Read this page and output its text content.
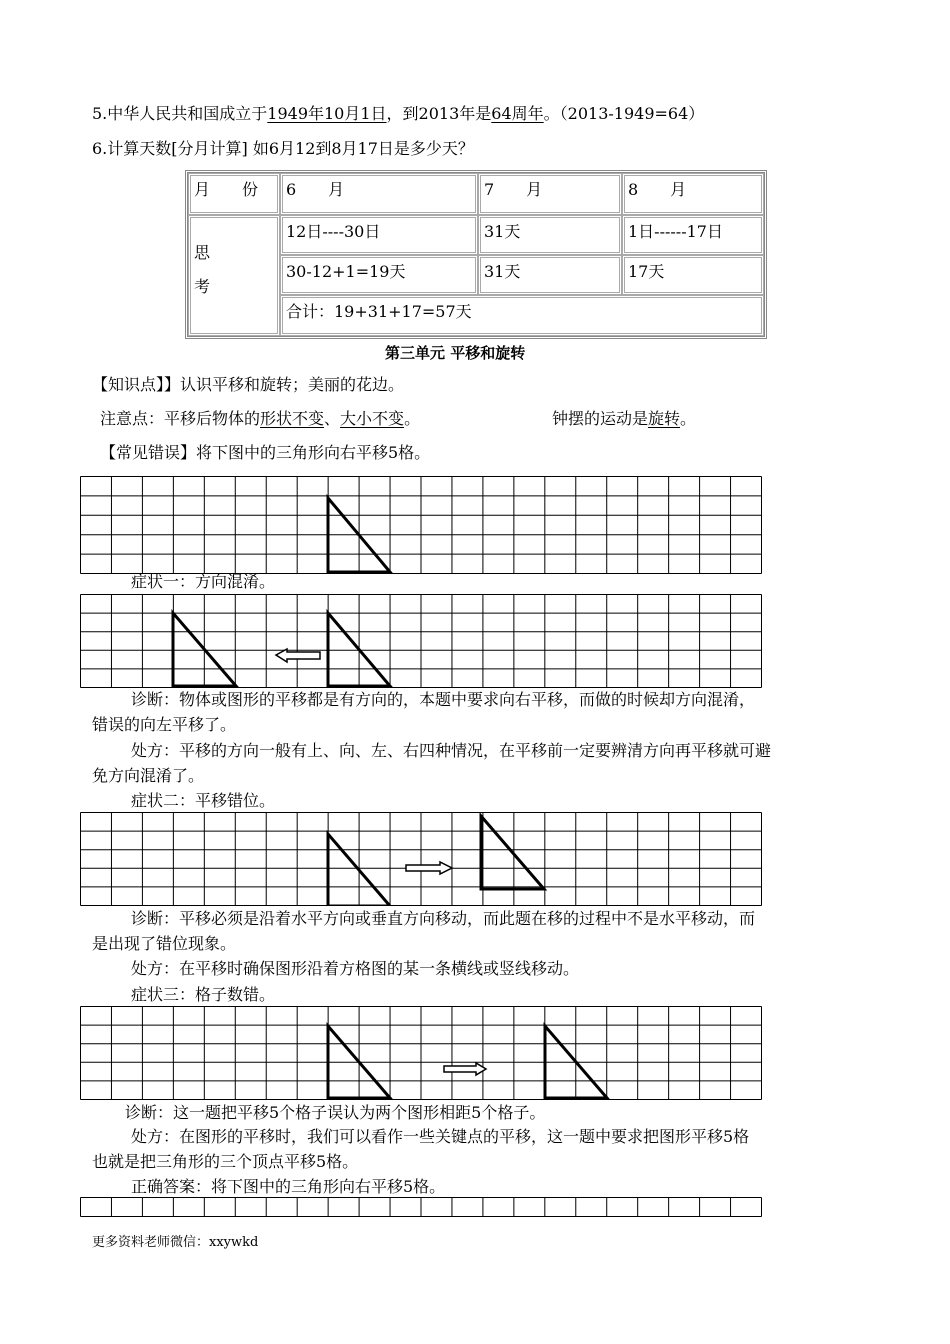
5.中华人民共和国成立于1949年10月1日，到2013年是64周年。（2013-1949=64）
6.计算天数[分月计算] 如6月12到8月17日是多少天？
月　　份	6　　月	7　　月	8　　月
思
考
12日----30日	31天	1日------17日
30-12+1=19天	31天	17天
合计：19+31+17=57天
第三单元 平移和旋转
【知识点】】认识平移和旋转；美丽的花边。
注意点：平移后物体的形状不变、大小不变。	钟摆的运动是旋转。
【常见错误】将下图中的三角形向右平移5格。
症状一：方向混淆。
诊断：物体或图形的平移都是有方向的，本题中要求向右平移，而做的时候却方向混淆，
错误的向左平移了。
处方：平移的方向一般有上、向、左、右四种情况，在平移前一定要辨清方向再平移就可避
免方向混淆了。
症状二：平移错位。
诊断：平移必须是沿着水平方向或垂直方向移动，而此题在移的过程中不是水平移动，而
是出现了错位现象。
处方：在平移时确保图形沿着方格图的某一条横线或竖线移动。
症状三：格子数错。
诊断：这一题把平移5个格子误认为两个图形相距5个格子。
处方：在图形的平移时，我们可以看作一些关键点的平移，这一题中要求把图形平移5格
也就是把三角形的三个顶点平移5格。
正确答案：将下图中的三角形向右平移5格。
更多资料老师微信：xxywkd
